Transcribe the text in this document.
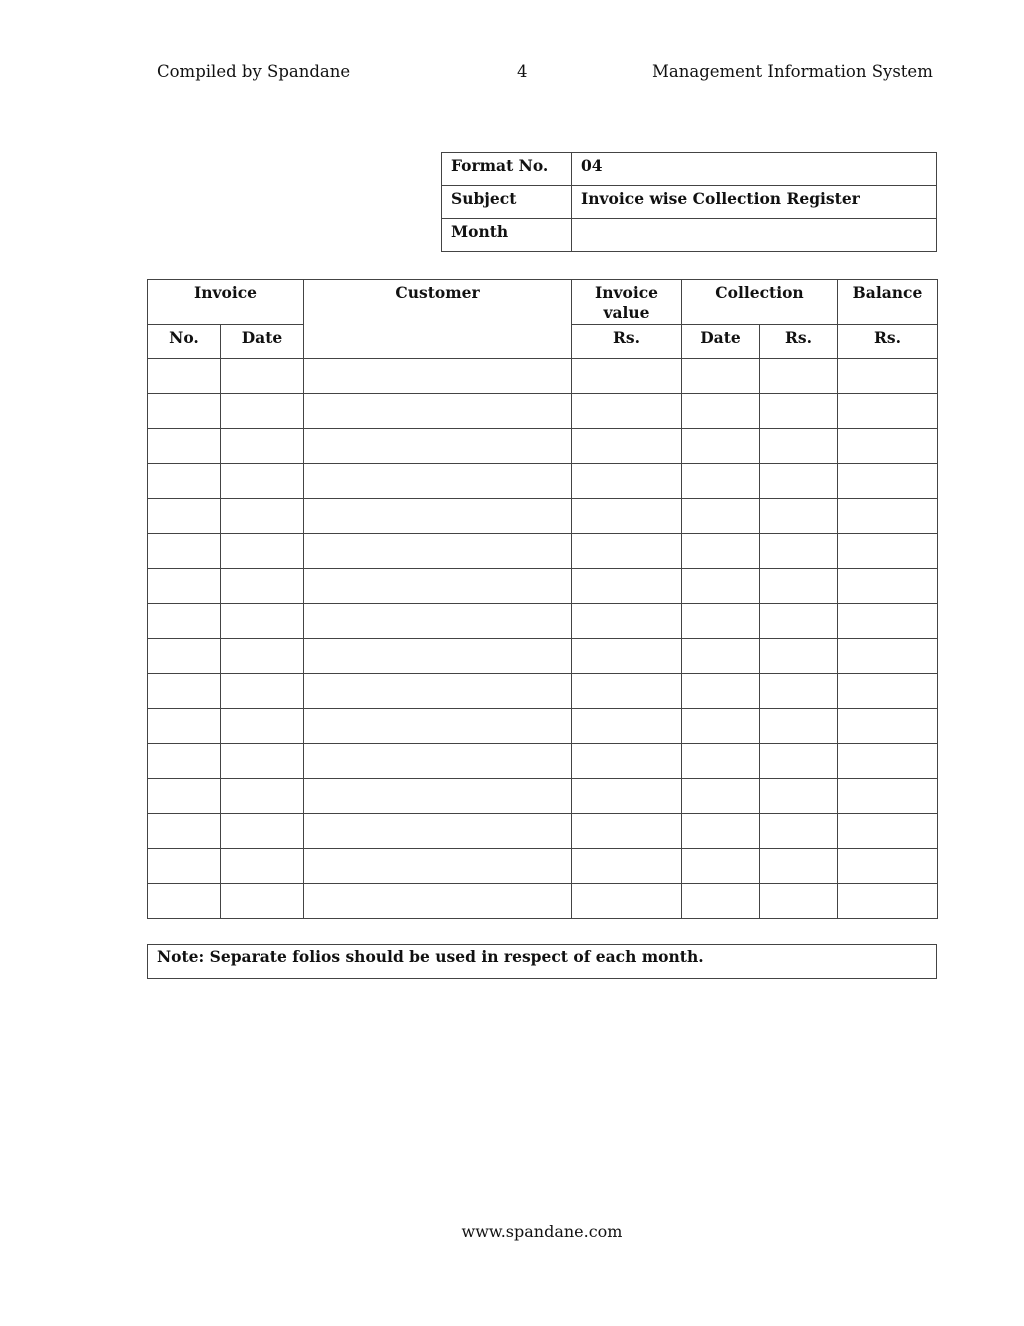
Compiled by Spandane	4	Management Information System
Format No.	04
Subject	Invoice wise Collection Register
Month	
Invoice		Customer	Invoice value	Collection		Balance
No.	Date		Rs.	Date	Rs.	Rs.

Note: Separate folios should be used in respect of each month.
www.spandane.com
